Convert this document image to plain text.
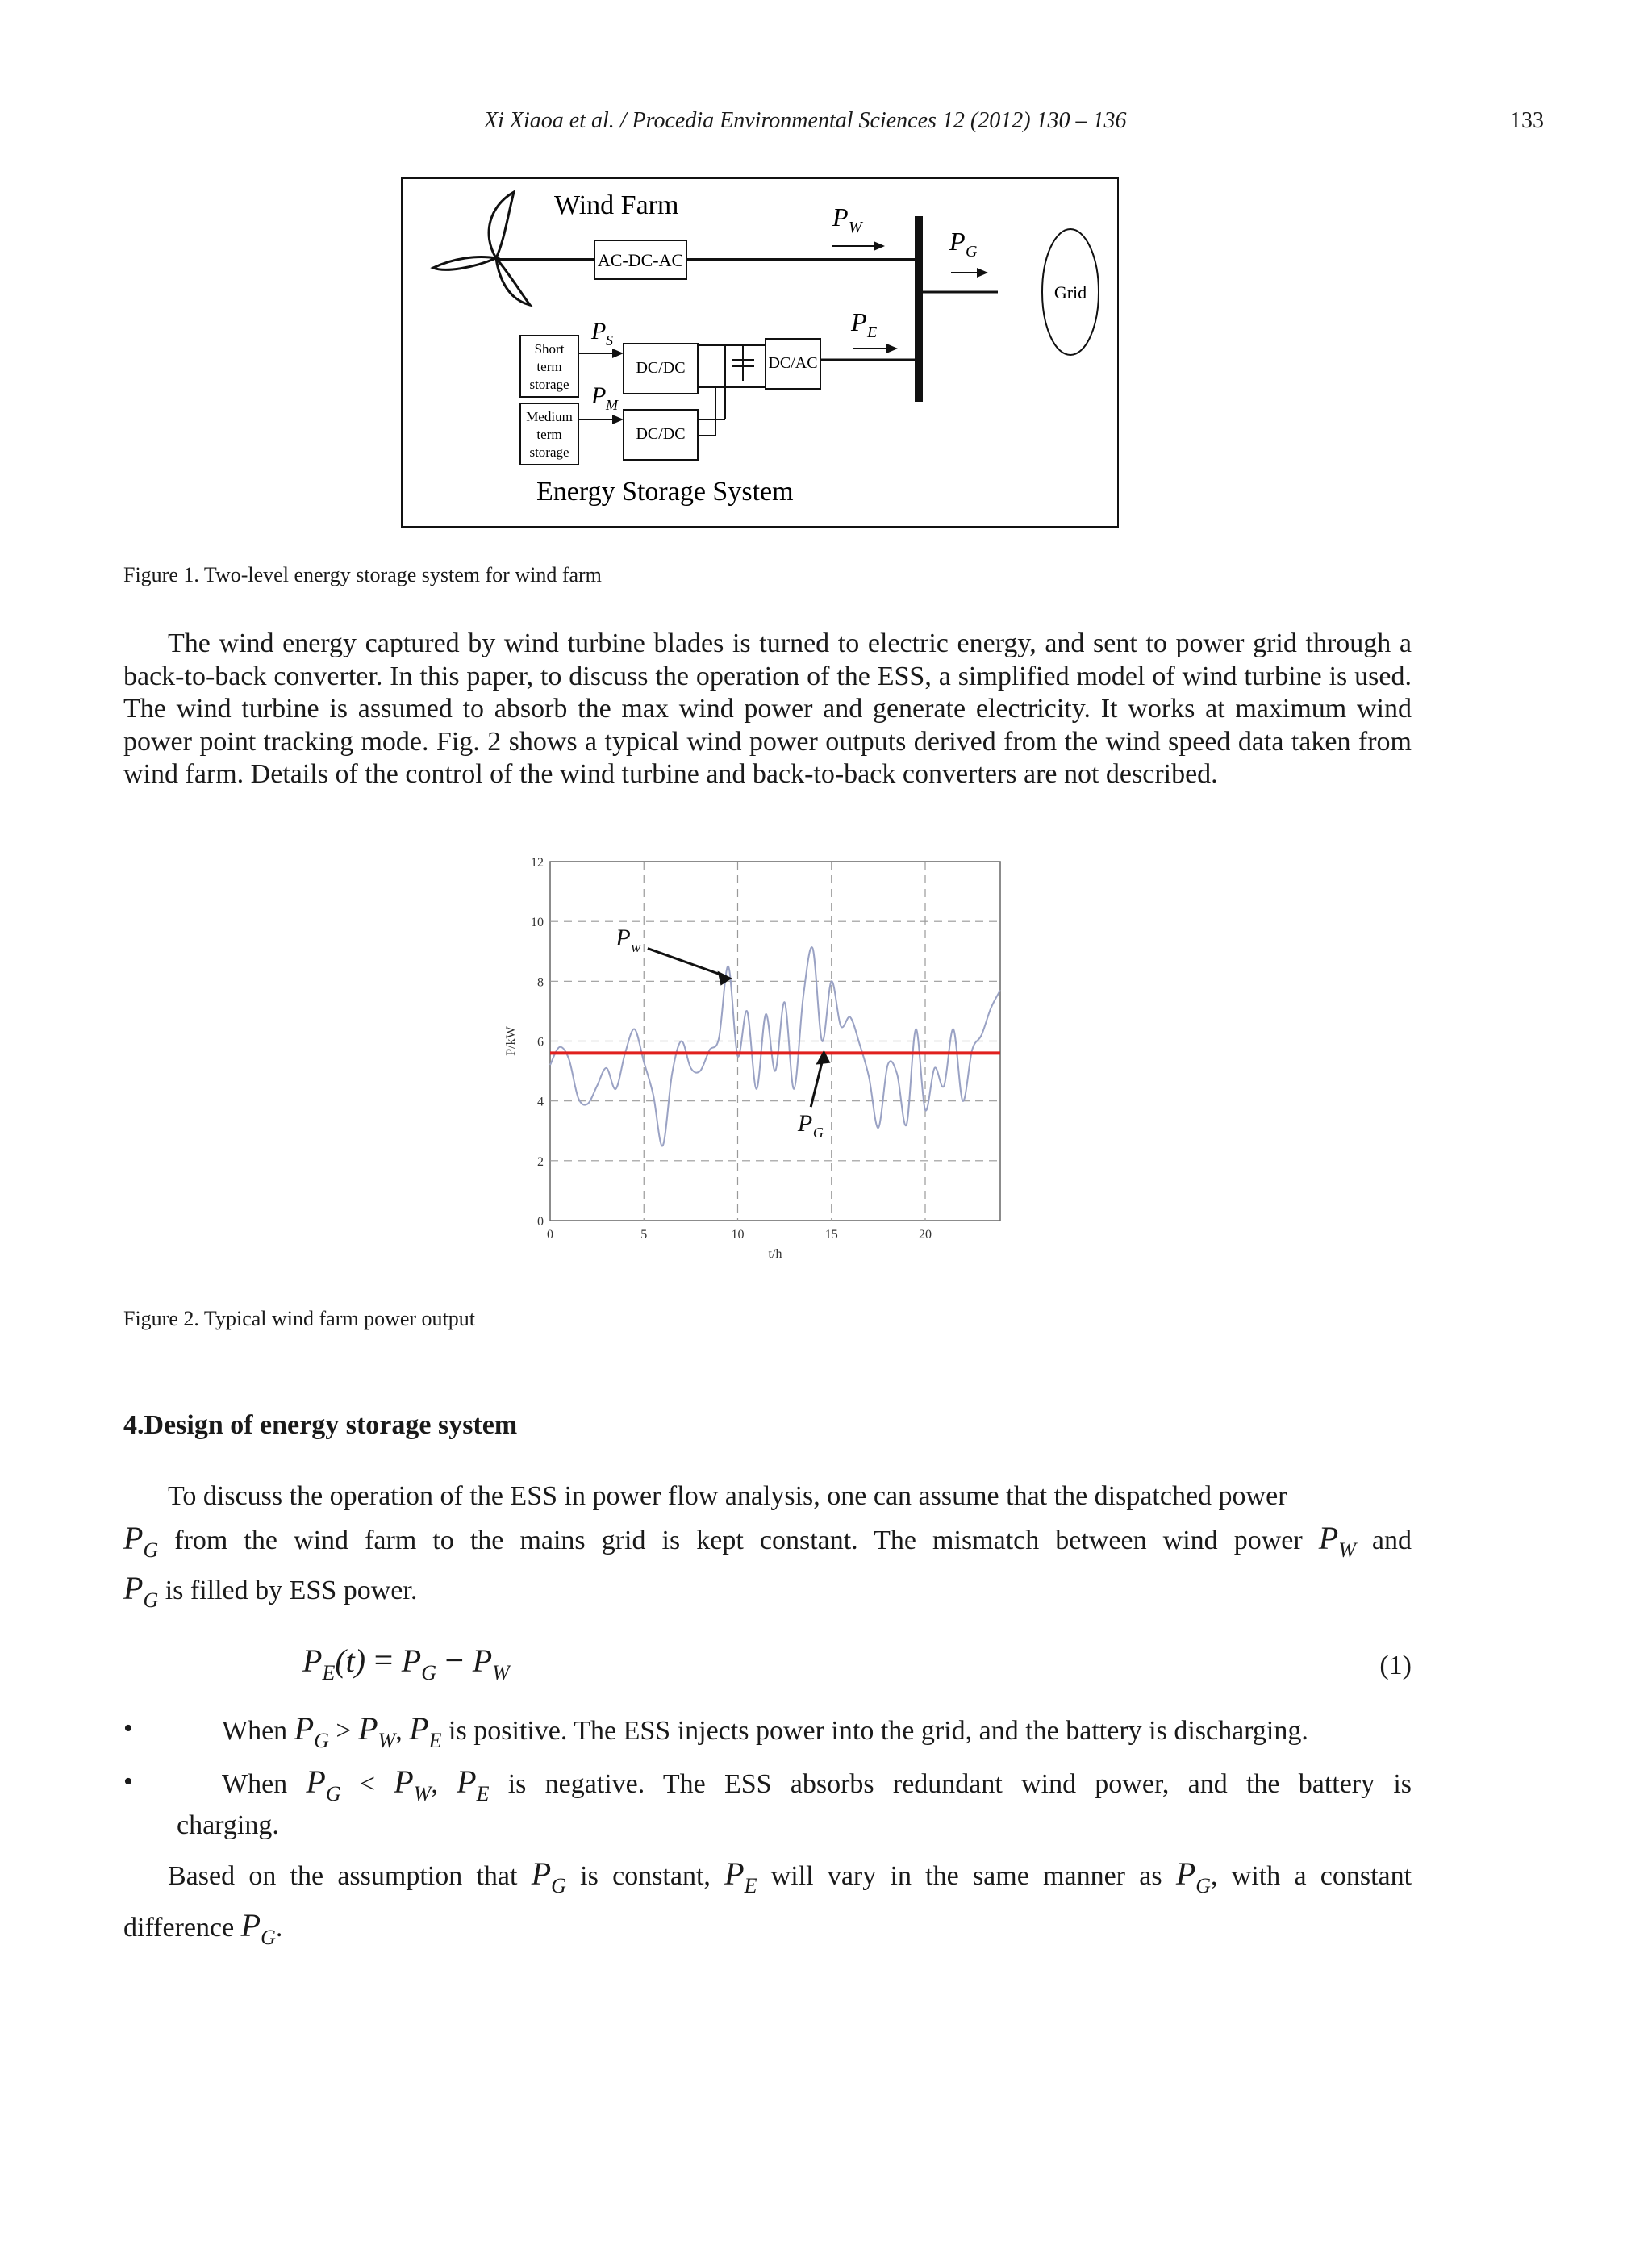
Xi Xiaoa et al. / Procedia Environmental Sciences 12 (2012) 130 – 136	133
Wind Farm
AC-DC-AC
P W	P G
Grid
P E
DC/AC
DC/DC
DC/DC
Short
term
storage
Medium
term
storage
P S
P M
Energy Storage System
Figure 1. Two-level energy storage system for wind farm

The wind energy captured by wind turbine blades is turned to electric energy, and sent to power grid through a back-to-back converter. In this paper, to discuss the operation of the ESS, a simplified model of wind turbine is used. The wind turbine is assumed to absorb the max wind power and generate electricity. It works at maximum wind power point tracking mode. Fig. 2 shows a typical wind power outputs derived from the wind speed data taken from wind farm. Details of the control of the wind turbine and back-to-back converters are not described.

0	5	10	15	20
0
2
4
6
8
10
12
t/h
P/kW
P w
P G
Figure 2. Typical wind farm power output
4.Design of energy storage system
To discuss the operation of the ESS in power flow analysis, one can assume that the dispatched power
$P_G$ from the wind farm to the mains grid is kept constant. The mismatch between wind power $P_W$ and
$P_G$ is filled by ESS power.
$P_E(t) = P_G - P_W$	(1)
•	When $P_G > P_W$, $P_E$ is positive. The ESS injects power into the grid, and the battery is discharging.
•	When $P_G < P_W$, $P_E$ is negative. The ESS absorbs redundant wind power, and the battery is
charging.
Based on the assumption that $P_G$ is constant, $P_E$ will vary in the same manner as $P_G$, with a constant
difference $P_G$.
